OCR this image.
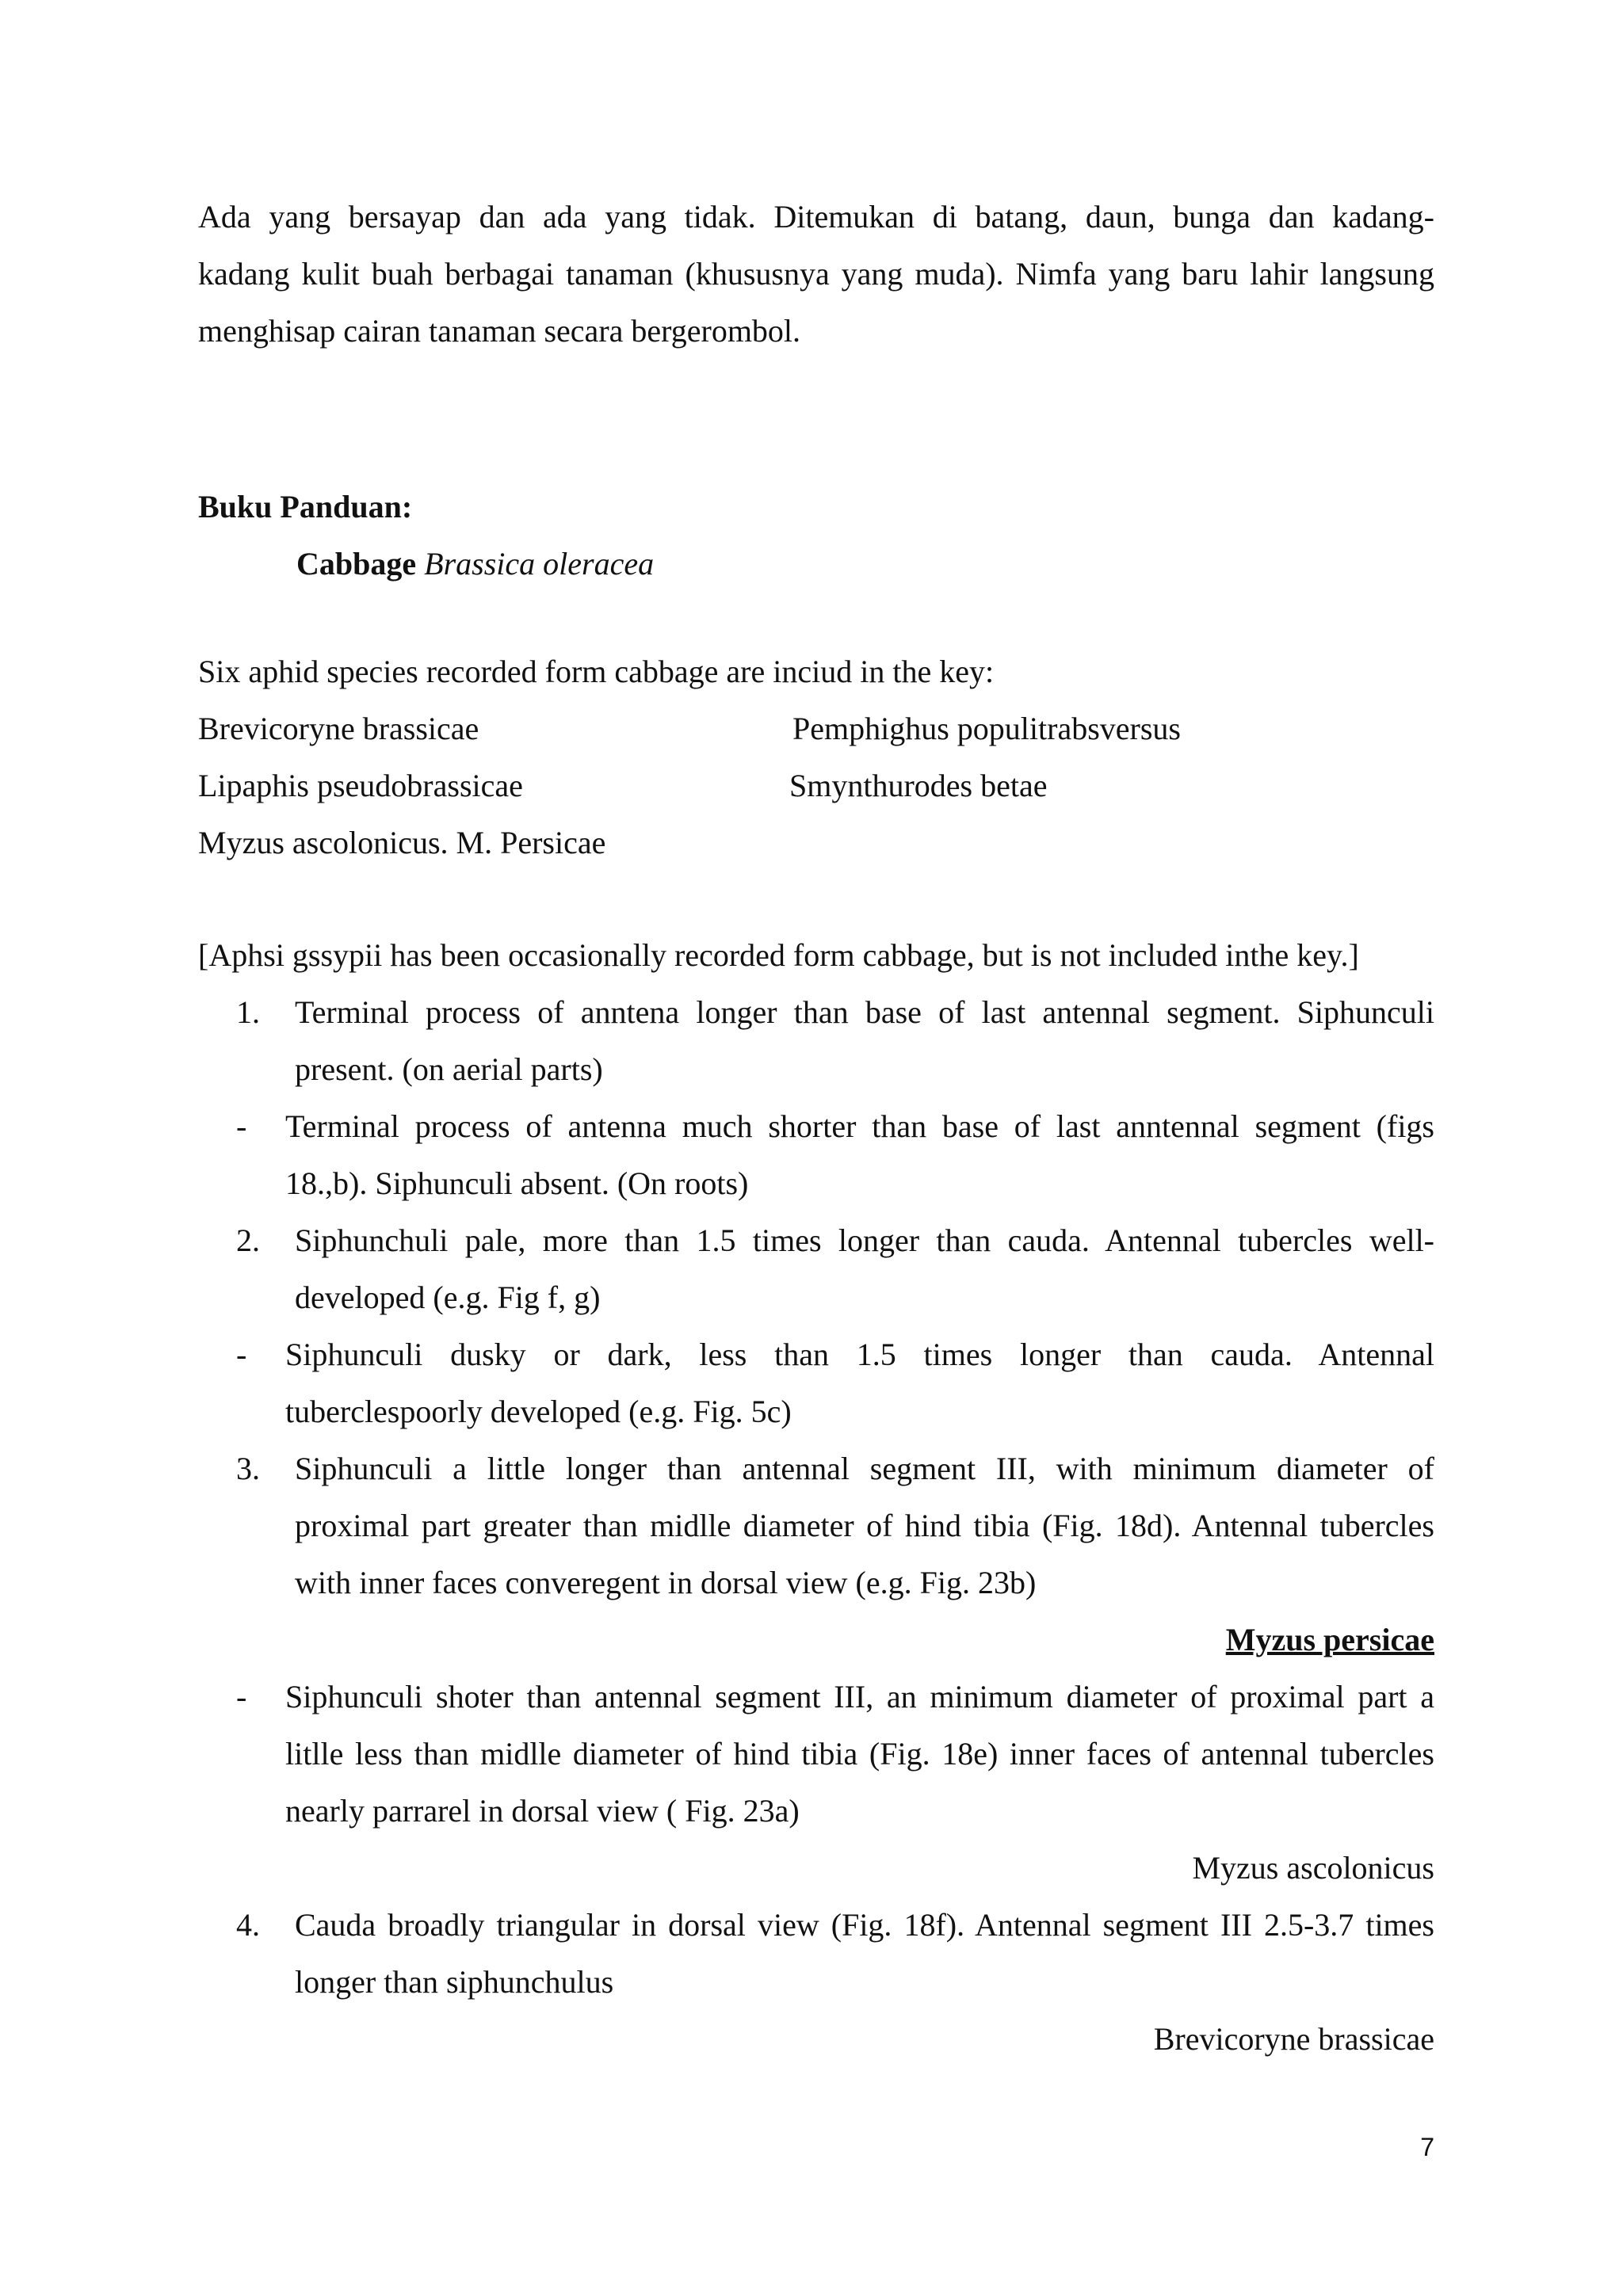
Ada yang bersayap dan ada yang tidak. Ditemukan di batang, daun, bunga dan kadang-
kadang kulit buah berbagai tanaman (khususnya yang muda). Nimfa yang baru lahir langsung
menghisap cairan tanaman secara bergerombol.
Buku Panduan:
Cabbage Brassica oleracea
Six aphid species recorded form cabbage are inciud in the key:
Brevicoryne brassicae	Pemphighus populitrabsversus
Lipaphis pseudobrassicae	Smynthurodes betae
Myzus ascolonicus. M. Persicae
[Aphsi gssypii has been occasionally recorded form cabbage, but is not included inthe key.]
1.	Terminal process of anntena longer than base of last antennal segment. Siphunculi
present. (on aerial parts)
-	Terminal process of antenna much shorter than base of last anntennal segment (figs
18.,b). Siphunculi absent. (On roots)
2.	Siphunchuli pale, more than 1.5 times longer than cauda. Antennal tubercles well-
developed (e.g. Fig f, g)
-	Siphunculi dusky or dark, less than 1.5 times longer than cauda. Antennal
tuberclespoorly developed (e.g. Fig. 5c)
3.	Siphunculi a little longer than antennal segment III, with minimum diameter of
proximal part greater than midlle diameter of hind tibia (Fig. 18d). Antennal tubercles
with inner faces converegent in dorsal view (e.g. Fig. 23b)
Myzus persicae
-	Siphunculi shoter than antennal segment III, an minimum diameter of proximal part a
litlle less than midlle diameter of hind tibia (Fig. 18e) inner faces of antennal tubercles
nearly parrarel in dorsal view ( Fig. 23a)
Myzus ascolonicus
4.	Cauda broadly triangular in dorsal view (Fig. 18f). Antennal segment III 2.5-3.7 times
longer than siphunchulus
Brevicoryne brassicae
7
